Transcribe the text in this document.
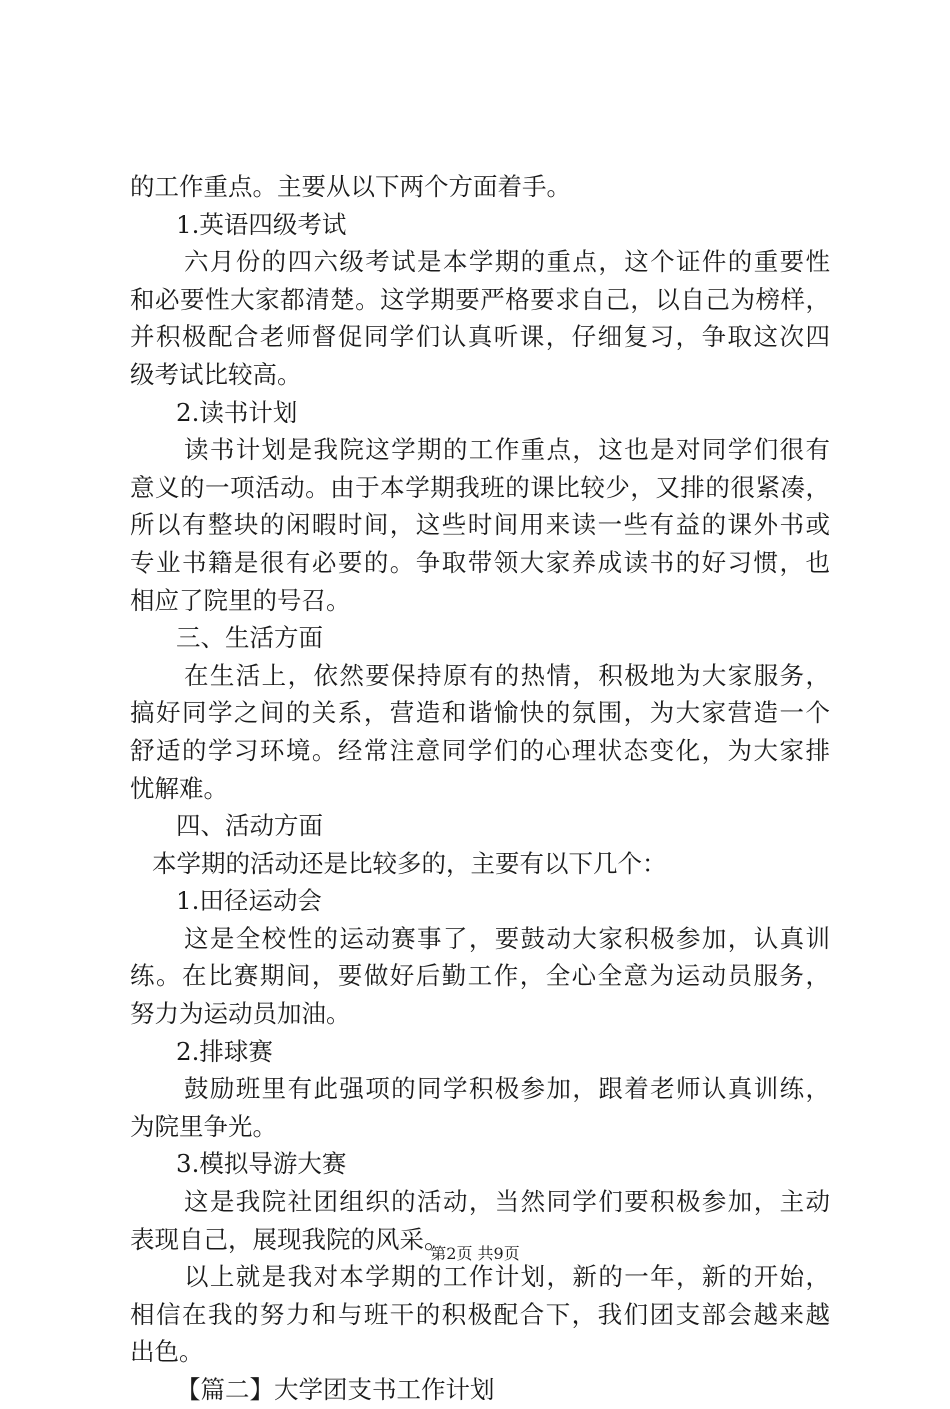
的工作重点。主要从以下两个方面着手。
1.英语四级考试
六月份的四六级考试是本学期的重点，这个证件的重要性
和必要性大家都清楚。这学期要严格要求自己，以自己为榜样，
并积极配合老师督促同学们认真听课，仔细复习，争取这次四
级考试比较高。
2.读书计划
读书计划是我院这学期的工作重点，这也是对同学们很有
意义的一项活动。由于本学期我班的课比较少，又排的很紧凑，
所以有整块的闲暇时间，这些时间用来读一些有益的课外书或
专业书籍是很有必要的。争取带领大家养成读书的好习惯，也
相应了院里的号召。
三、生活方面
在生活上，依然要保持原有的热情，积极地为大家服务，
搞好同学之间的关系，营造和谐愉快的氛围，为大家营造一个
舒适的学习环境。经常注意同学们的心理状态变化，为大家排
忧解难。
四、活动方面
本学期的活动还是比较多的，主要有以下几个：
1.田径运动会
这是全校性的运动赛事了，要鼓动大家积极参加，认真训
练。在比赛期间，要做好后勤工作，全心全意为运动员服务，
努力为运动员加油。
2.排球赛
鼓励班里有此强项的同学积极参加，跟着老师认真训练，
为院里争光。
3.模拟导游大赛
这是我院社团组织的活动，当然同学们要积极参加，主动
表现自己，展现我院的风采。
以上就是我对本学期的工作计划，新的一年，新的开始，
相信在我的努力和与班干的积极配合下，我们团支部会越来越
出色。
【篇二】大学团支书工作计划
第2页 共9页
